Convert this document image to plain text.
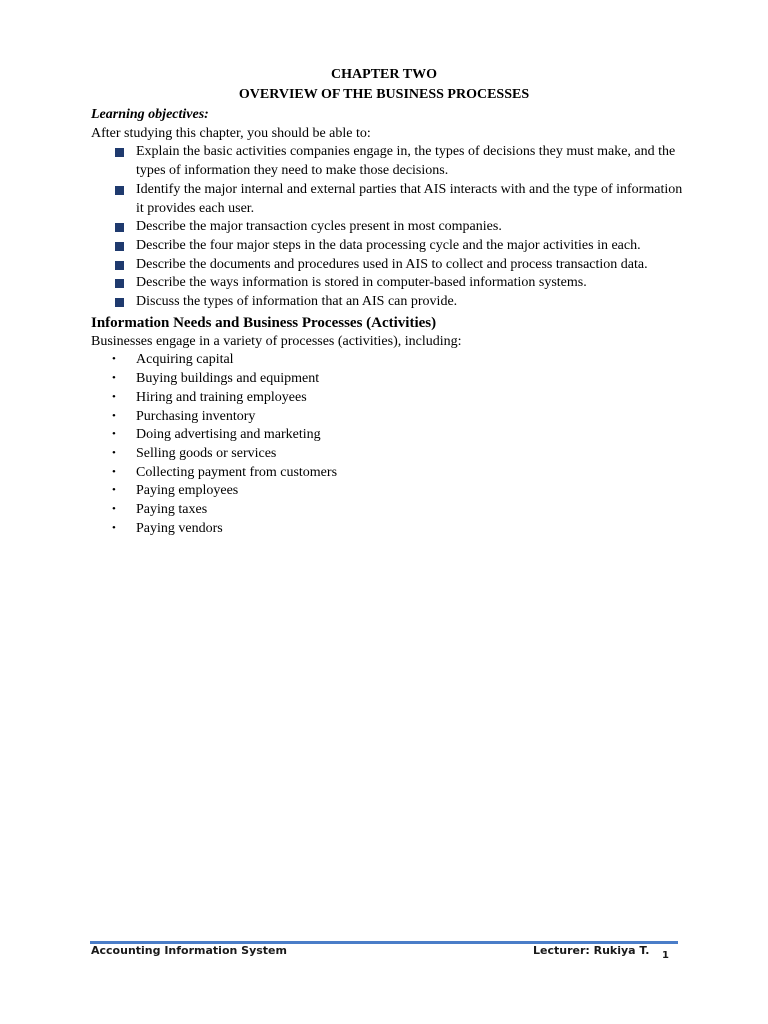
CHAPTER TWO
OVERVIEW OF THE BUSINESS PROCESSES

Learning objectives:

After studying this chapter, you should be able to:

Explain the basic activities companies engage in, the types of decisions they must make, and the types of information they need to make those decisions.
Identify the major internal and external parties that AIS interacts with and the type of information it provides each user.
Describe the major transaction cycles present in most companies.
Describe the four major steps in the data processing cycle and the major activities in each.
Describe the documents and procedures used in AIS to collect and process transaction data.
Describe the ways information is stored in computer-based information systems.
Discuss the types of information that an AIS can provide.

Information Needs and Business Processes (Activities)

Businesses engage in a variety of processes (activities), including:

• Acquiring capital
• Buying buildings and equipment
• Hiring and training employees
• Purchasing inventory
• Doing advertising and marketing
• Selling goods or services
• Collecting payment from customers
• Paying employees
• Paying taxes
• Paying vendors
Accounting Information System	Lecturer: Rukiya T. 1
